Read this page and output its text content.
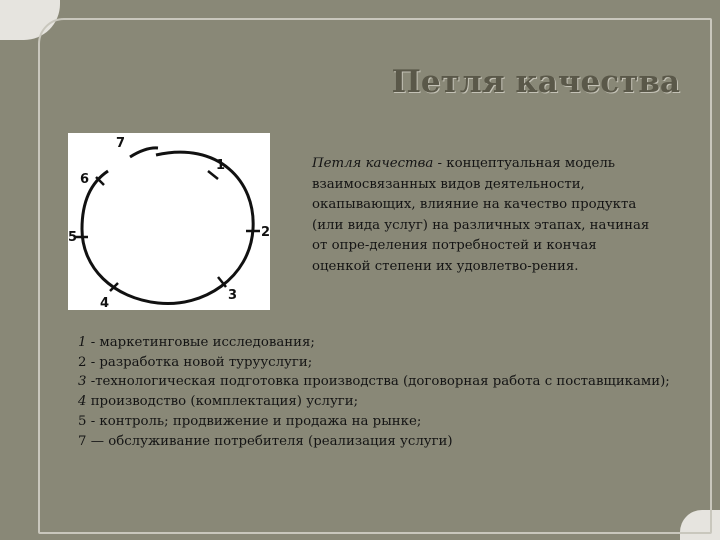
Петля качества
1
2
3
4
5
6
7
Петля качества - концептуальная модель взаимосвязанных видов деятельности, окапывающих, влияние на качество продукта (или вида услуг) на различных этапах, начиная от опре-деления потребностей и кончая оценкой степени их удовлетво-рения.
1 - маркетинговые исследования;
2 - разработка новой турууслуги;
3 -технологическая подготовка производства (договорная работа с поставщиками);
4 производство (комплектация) услуги;
5 - контроль; продвижение и продажа на рынке;
7 — обслуживание потребителя (реализация услуги)
